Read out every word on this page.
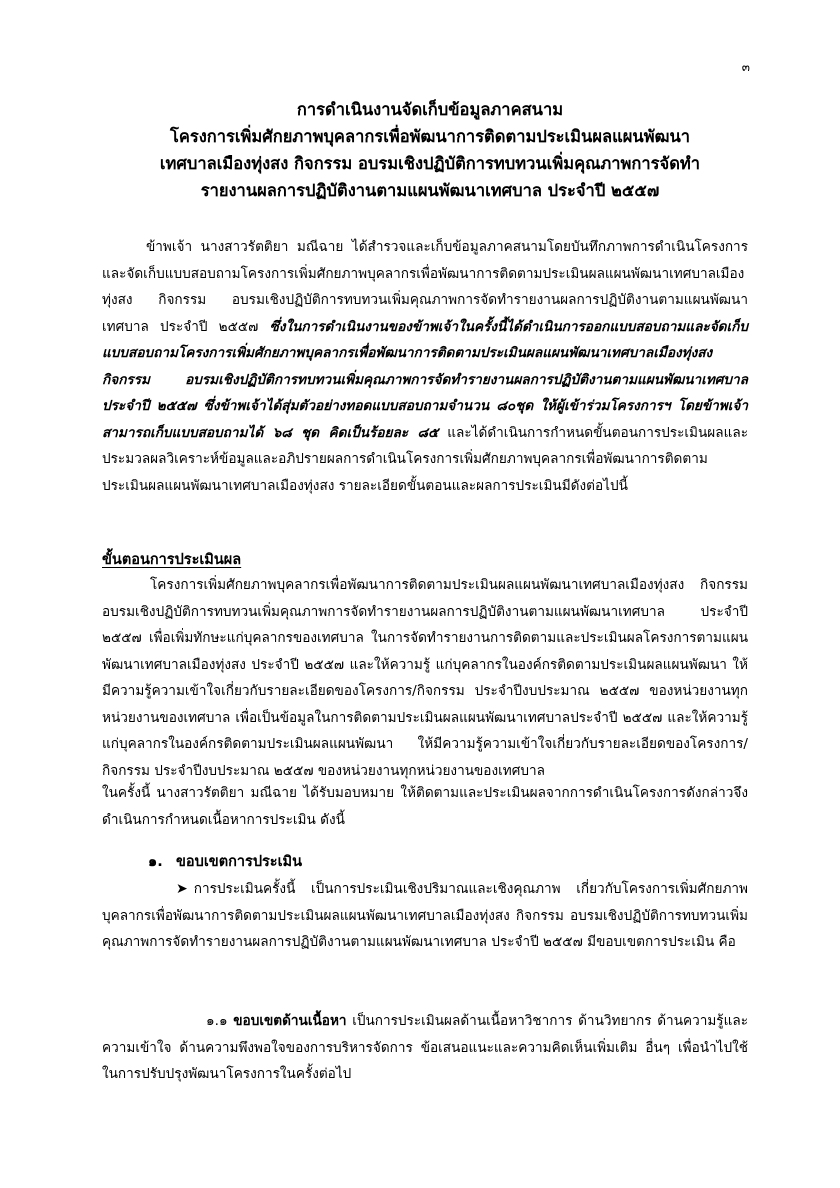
๓
การดำเนินงานจัดเก็บข้อมูลภาคสนาม
โครงการเพิ่มศักยภาพบุคลากรเพื่อพัฒนาการติดตามประเมินผลแผนพัฒนา
เทศบาลเมืองทุ่งสง กิจกรรม อบรมเชิงปฏิบัติการทบทวนเพิ่มคุณภาพการจัดทำ
รายงานผลการปฏิบัติงานตามแผนพัฒนาเทศบาล ประจำปี ๒๕๕๗
ข้าพเจ้า นางสาวรัตติยา มณีฉาย ได้สำรวจและเก็บข้อมูลภาคสนามโดยบันทึกภาพการดำเนินโครงการและจัดเก็บแบบสอบถามโครงการเพิ่มศักยภาพบุคลากรเพื่อพัฒนาการติดตามประเมินผลแผนพัฒนาเทศบาลเมืองทุ่งสง กิจกรรม อบรมเชิงปฏิบัติการทบทวนเพิ่มคุณภาพการจัดทำรายงานผลการปฏิบัติงานตามแผนพัฒนาเทศบาล ประจำปี ๒๕๕๗ ซึ่งในการดำเนินงานของข้าพเจ้าในครั้งนี้ได้ดำเนินการออกแบบสอบถามและจัดเก็บแบบสอบถามโครงการเพิ่มศักยภาพบุคลากรเพื่อพัฒนาการติดตามประเมินผลแผนพัฒนาเทศบาลเมืองทุ่งสง กิจกรรม อบรมเชิงปฏิบัติการทบทวนเพิ่มคุณภาพการจัดทำรายงานผลการปฏิบัติงานตามแผนพัฒนาเทศบาล ประจำปี ๒๕๕๗ ซึ่งข้าพเจ้าได้สุ่มตัวอย่างทอดแบบสอบถามจำนวน ๘๐ชุด ให้ผู้เข้าร่วมโครงการฯ โดยข้าพเจ้าสามารถเก็บแบบสอบถามได้ ๖๘ ชุด คิดเป็นร้อยละ ๘๕ และได้ดำเนินการกำหนดขั้นตอนการประเมินผลและประมวลผลวิเคราะห์ข้อมูลและอภิปรายผลการดำเนินโครงการเพิ่มศักยภาพบุคลากรเพื่อพัฒนาการติดตามประเมินผลแผนพัฒนาเทศบาลเมืองทุ่งสง รายละเอียดขั้นตอนและผลการประเมินมีดังต่อไปนี้
ขั้นตอนการประเมินผล
โครงการเพิ่มศักยภาพบุคลากรเพื่อพัฒนาการติดตามประเมินผลแผนพัฒนาเทศบาลเมืองทุ่งสง กิจกรรม อบรมเชิงปฏิบัติการทบทวนเพิ่มคุณภาพการจัดทำรายงานผลการปฏิบัติงานตามแผนพัฒนาเทศบาล ประจำปี ๒๕๕๗ เพื่อเพิ่มทักษะแก่บุคลากรของเทศบาล ในการจัดทำรายงานการติดตามและประเมินผลโครงการตามแผนพัฒนาเทศบาลเมืองทุ่งสง ประจำปี ๒๕๕๗ และให้ความรู้ แก่บุคลากรในองค์กรติดตามประเมินผลแผนพัฒนา ให้มีความรู้ความเข้าใจเกี่ยวกับรายละเอียดของโครงการ/กิจกรรม ประจำปีงบประมาณ ๒๕๕๗ ของหน่วยงานทุกหน่วยงานของเทศบาล เพื่อเป็นข้อมูลในการติดตามประเมินผลแผนพัฒนาเทศบาลประจำปี ๒๕๕๗ และให้ความรู้ แก่บุคลากรในองค์กรติดตามประเมินผลแผนพัฒนา ให้มีความรู้ความเข้าใจเกี่ยวกับรายละเอียดของโครงการ/กิจกรรม ประจำปีงบประมาณ ๒๕๕๗ ของหน่วยงานทุกหน่วยงานของเทศบาล
ในครั้งนี้ นางสาวรัตติยา มณีฉาย ได้รับมอบหมาย ให้ติดตามและประเมินผลจากการดำเนินโครงการดังกล่าวจึงดำเนินการกำหนดเนื้อหาการประเมิน ดังนี้
๑. ขอบเขตการประเมิน
➤ การประเมินครั้งนี้ เป็นการประเมินเชิงปริมาณและเชิงคุณภาพ เกี่ยวกับโครงการเพิ่มศักยภาพบุคลากรเพื่อพัฒนาการติดตามประเมินผลแผนพัฒนาเทศบาลเมืองทุ่งสง กิจกรรม อบรมเชิงปฏิบัติการทบทวนเพิ่มคุณภาพการจัดทำรายงานผลการปฏิบัติงานตามแผนพัฒนาเทศบาล ประจำปี ๒๕๕๗ มีขอบเขตการประเมิน คือ
๑.๑ ขอบเขตด้านเนื้อหา เป็นการประเมินผลด้านเนื้อหาวิชาการ ด้านวิทยากร ด้านความรู้และความเข้าใจ ด้านความพึงพอใจของการบริหารจัดการ ข้อเสนอแนะและความคิดเห็นเพิ่มเติม อื่นๆ เพื่อนำไปใช้ในการปรับปรุงพัฒนาโครงการในครั้งต่อไป
